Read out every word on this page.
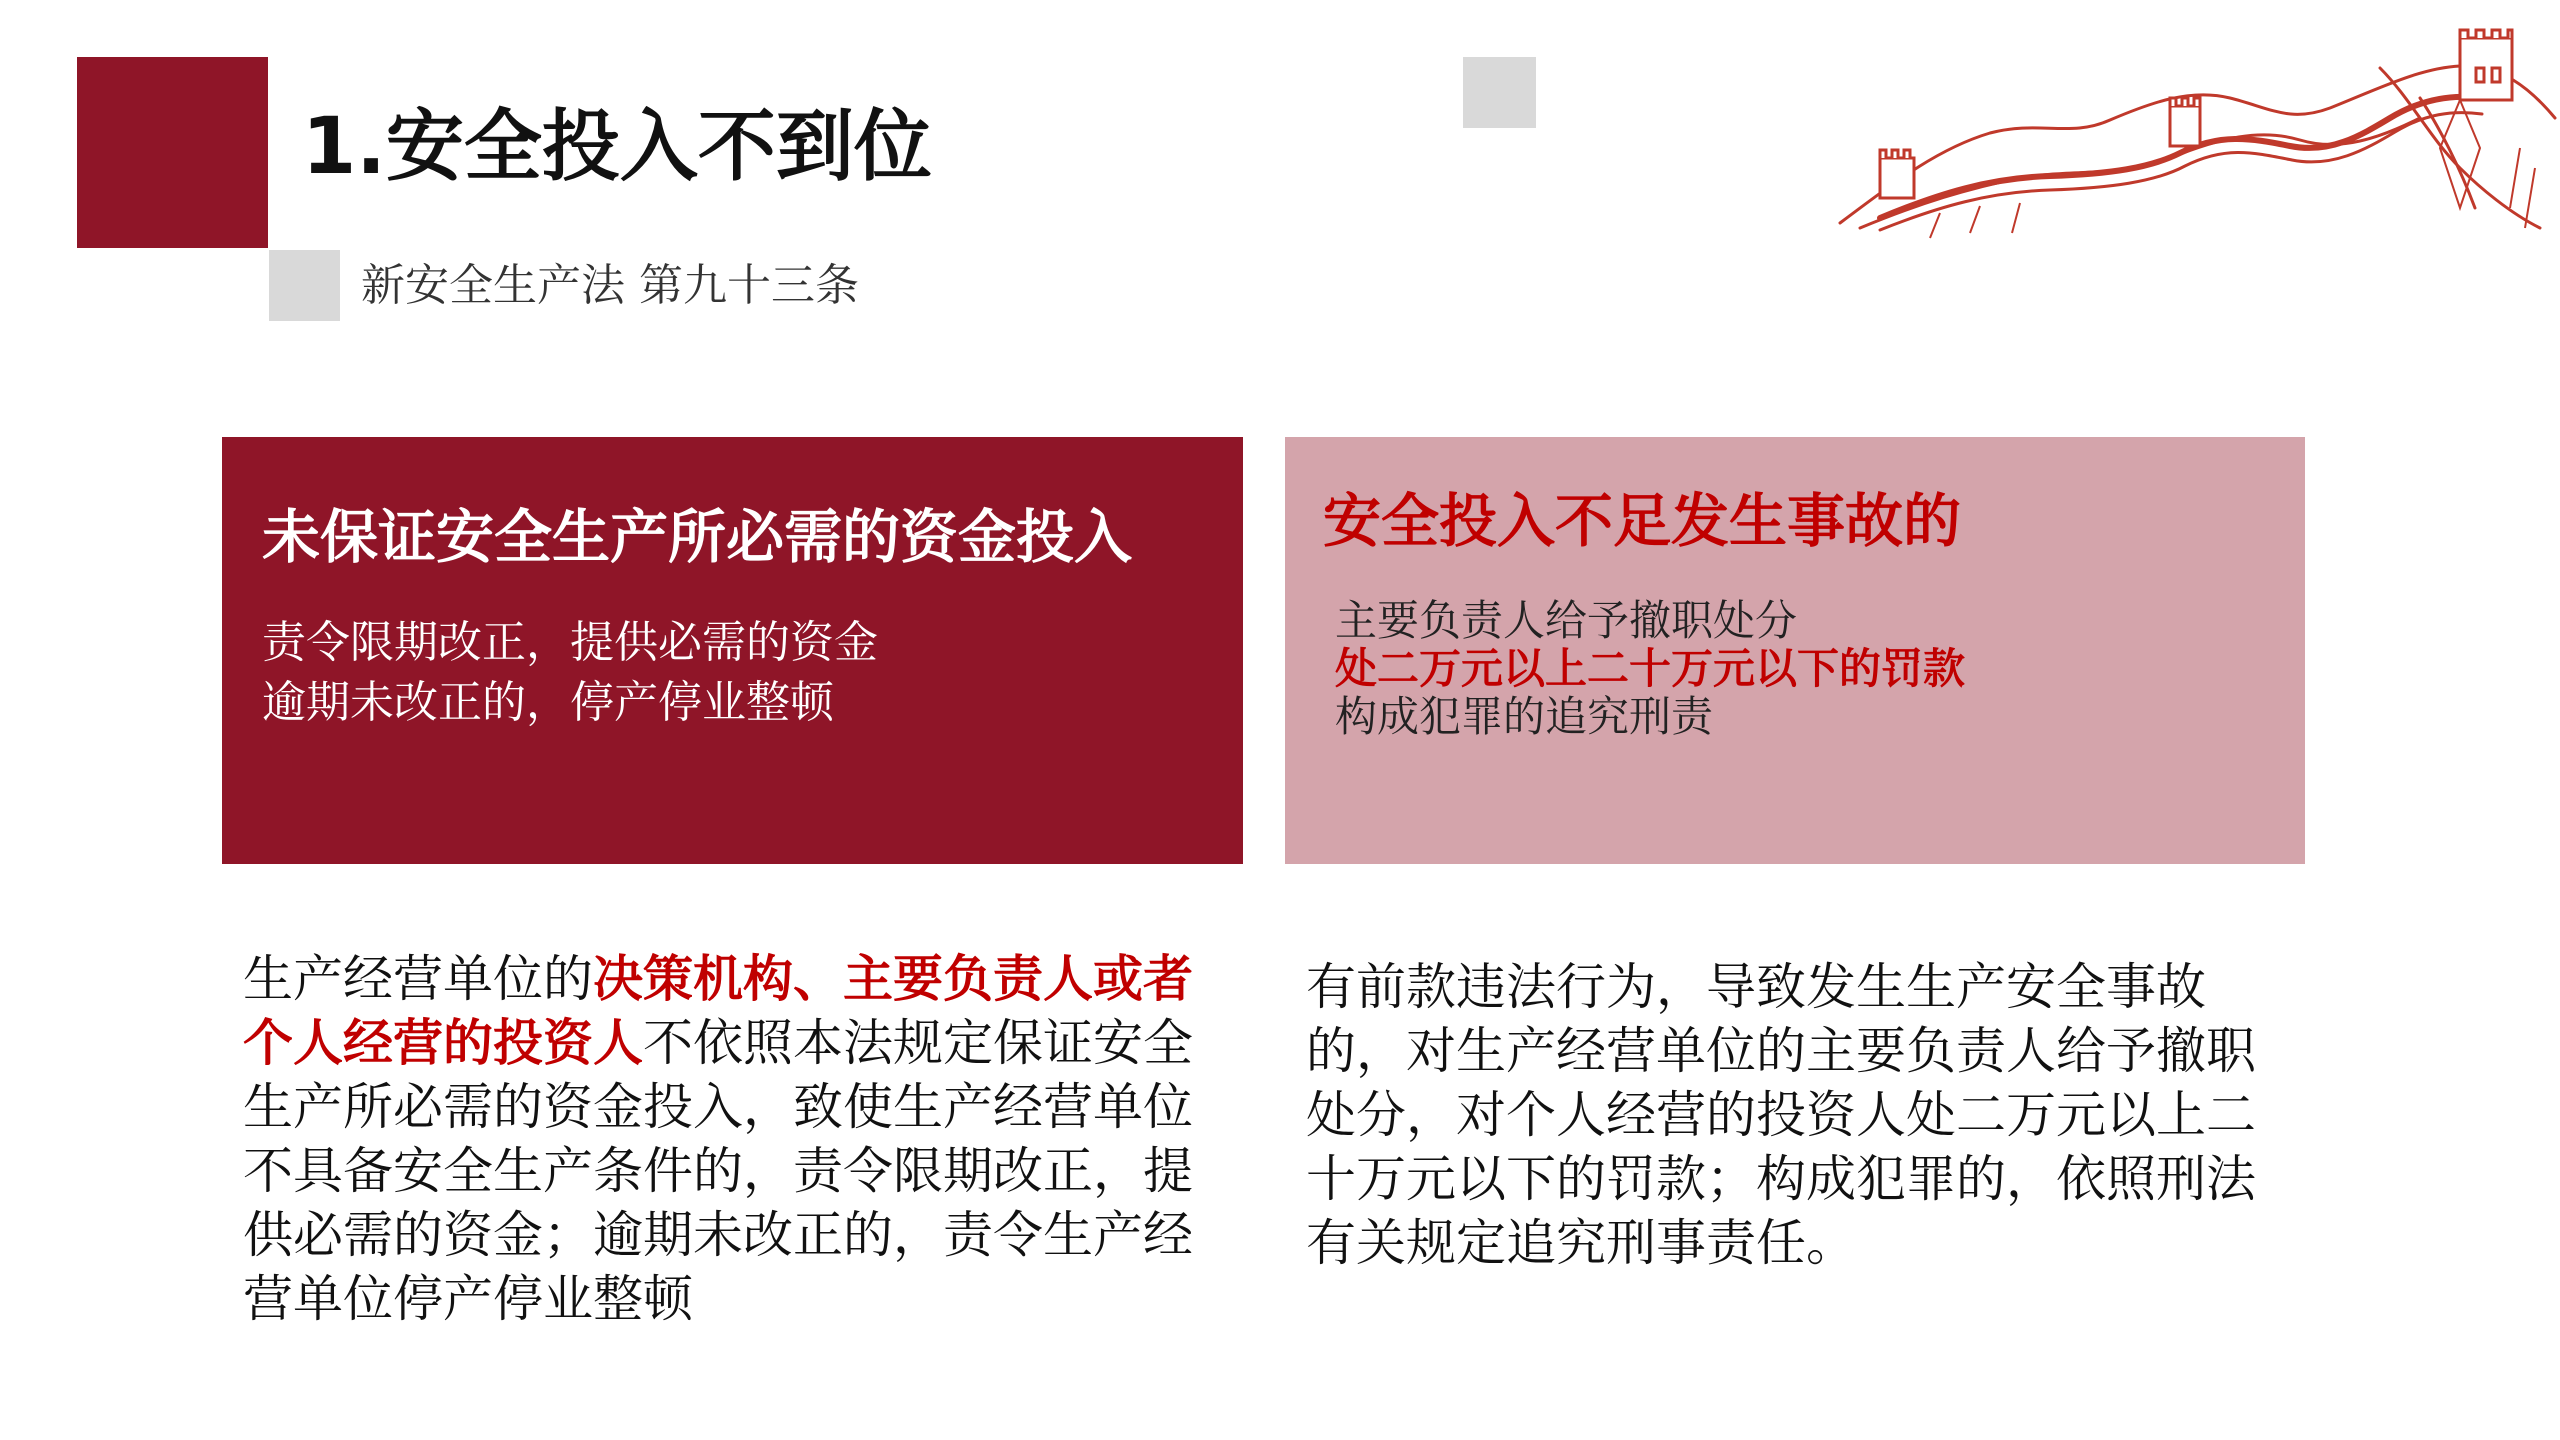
1.安全投入不到位
新安全生产法 第九十三条
未保证安全生产所必需的资金投入
责令限期改正，提供必需的资金
逾期未改正的，停产停业整顿
安全投入不足发生事故的
主要负责人给予撤职处分
处二万元以上二十万元以下的罚款
构成犯罪的追究刑责
生产经营单位的决策机构、主要负责人或者个人经营的投资人不依照本法规定保证安全生产所必需的资金投入，致使生产经营单位不具备安全生产条件的，责令限期改正，提供必需的资金；逾期未改正的，责令生产经营单位停产停业整顿
有前款违法行为，导致发生生产安全事故的，对生产经营单位的主要负责人给予撤职处分，对个人经营的投资人处二万元以上二十万元以下的罚款；构成犯罪的，依照刑法有关规定追究刑事责任。
